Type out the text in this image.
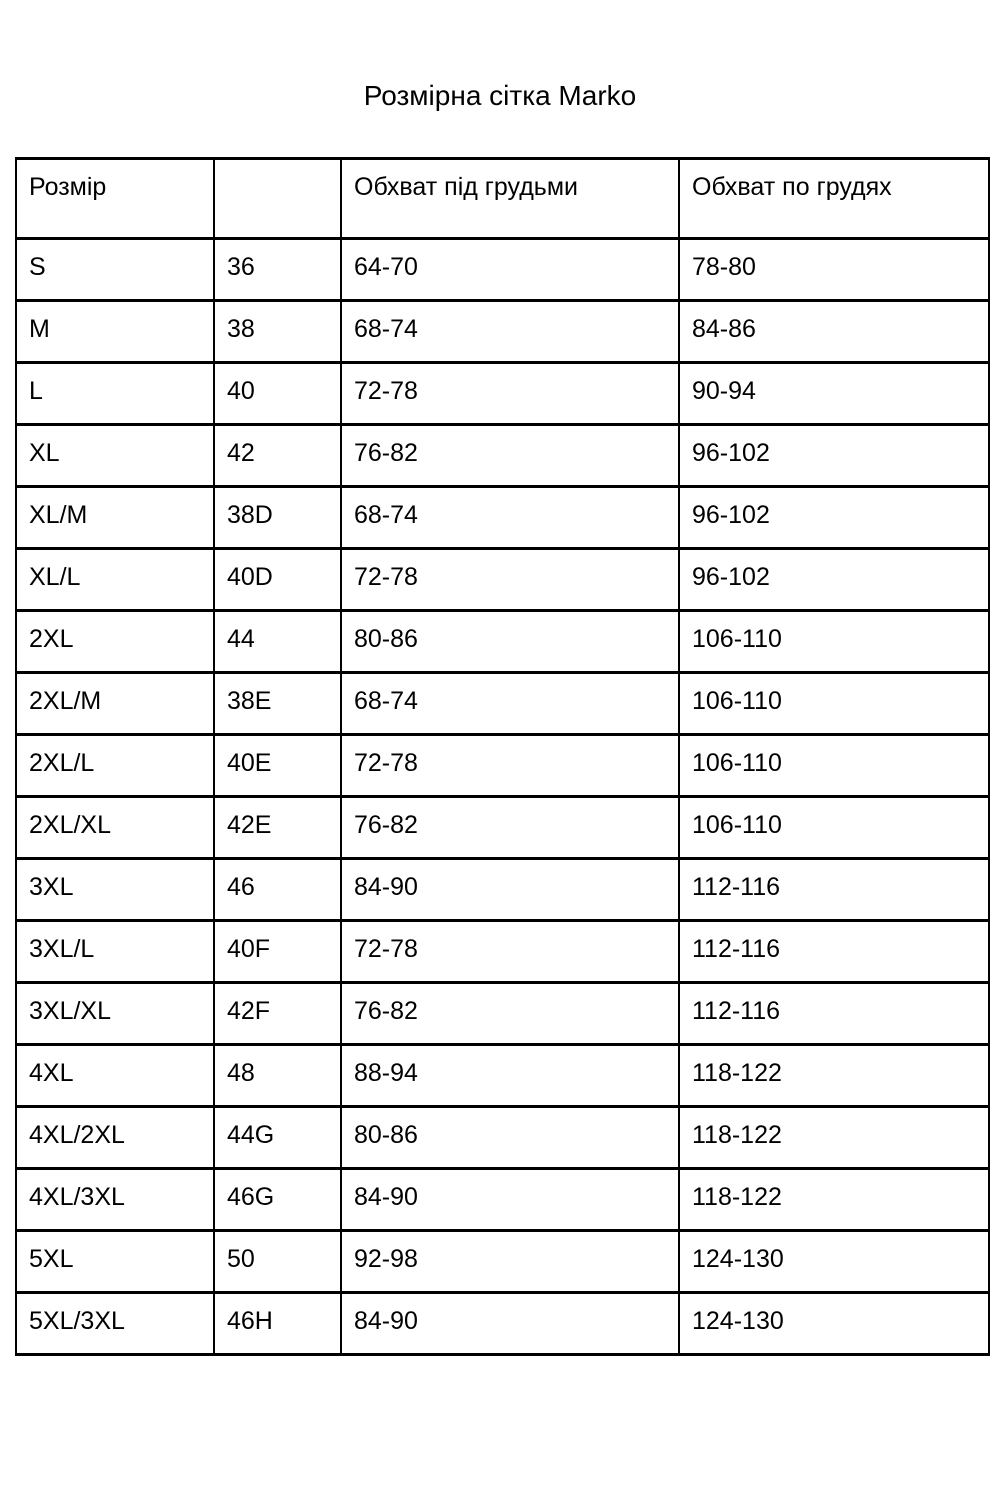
Розмірна сітка Marko
Розмір		Обхват під грудьми	Обхват по грудях
S	36	64-70	78-80
M	38	68-74	84-86
L	40	72-78	90-94
XL	42	76-82	96-102
XL/M	38D	68-74	96-102
XL/L	40D	72-78	96-102
2XL	44	80-86	106-110
2XL/M	38E	68-74	106-110
2XL/L	40E	72-78	106-110
2XL/XL	42E	76-82	106-110
3XL	46	84-90	112-116
3XL/L	40F	72-78	112-116
3XL/XL	42F	76-82	112-116
4XL	48	88-94	118-122
4XL/2XL	44G	80-86	118-122
4XL/3XL	46G	84-90	118-122
5XL	50	92-98	124-130
5XL/3XL	46H	84-90	124-130
